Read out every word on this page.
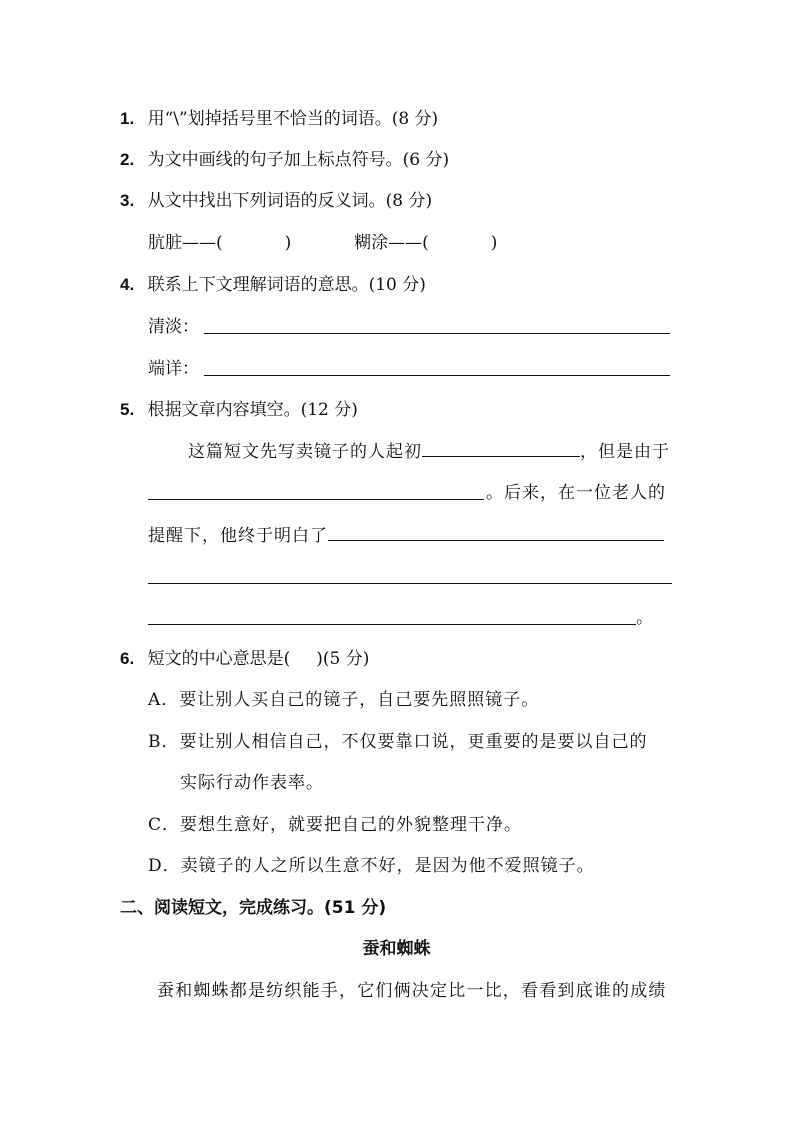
1. 用“\”划掉括号里不恰当的词语。(8 分)
2. 为文中画线的句子加上标点符号。(6 分)
3. 从文中找出下列词语的反义词。(8 分)
肮脏——(	)	糊涂——(	)
4. 联系上下文理解词语的意思。(10 分)
清淡：
端详：
5. 根据文章内容填空。(12 分)
这篇短文先写卖镜子的人起初	，但是由于
。后来，在一位老人的
提醒下，他终于明白了
。
6. 短文的中心意思是( )(5 分)
A．要让别人买自己的镜子，自己要先照照镜子。
B．要让别人相信自己，不仅要靠口说，更重要的是要以自己的
实际行动作表率。
C．要想生意好，就要把自己的外貌整理干净。
D．卖镜子的人之所以生意不好，是因为他不爱照镜子。
二、阅读短文，完成练习。(51 分)
蚕和蜘蛛
蚕和蜘蛛都是纺织能手，它们俩决定比一比，看看到底谁的成绩
